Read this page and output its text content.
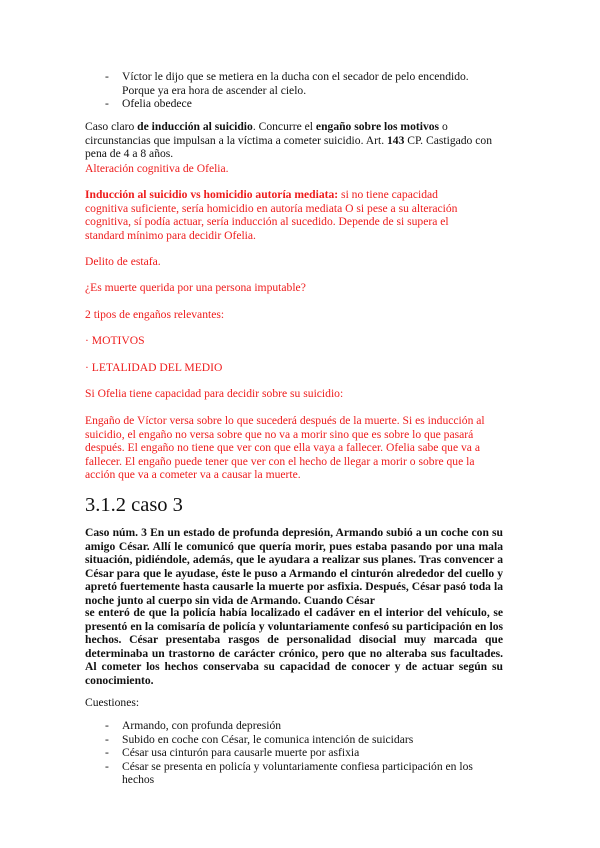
- Víctor le dijo que se metiera en la ducha con el secador de pelo encendido. Porque ya era hora de ascender al cielo.
- Ofelia obedece

Caso claro de inducción al suicidio. Concurre el engaño sobre los motivos o circunstancias que impulsan a la víctima a cometer suicidio. Art. 143 CP. Castigado con pena de 4 a 8 años.

Alteración cognitiva de Ofelia.

Inducción al suicidio vs homicidio autoría mediata: si no tiene capacidad cognitiva suficiente, sería homicidio en autoría mediata O si pese a su alteración cognitiva, sí podía actuar, sería inducción al sucedido. Depende de si supera el standard mínimo para decidir Ofelia.

Delito de estafa.

¿Es muerte querida por una persona imputable?

2 tipos de engaños relevantes:

· MOTIVOS

· LETALIDAD DEL MEDIO

Si Ofelia tiene capacidad para decidir sobre su suicidio:

Engaño de Víctor versa sobre lo que sucederá después de la muerte. Si es inducción al suicidio, el engaño no versa sobre que no va a morir sino que es sobre lo que pasará después. El engaño no tiene que ver con que ella vaya a fallecer. Ofelia sabe que va a fallecer. El engaño puede tener que ver con el hecho de llegar a morir o sobre que la acción que va a cometer va a causar la muerte.

3.1.2 caso 3

Caso núm. 3 En un estado de profunda depresión, Armando subió a un coche con su amigo César. Allí le comunicó que quería morir, pues estaba pasando por una mala situación, pidiéndole, además, que le ayudara a realizar sus planes. Tras convencer a César para que le ayudase, éste le puso a Armando el cinturón alrededor del cuello y apretó fuertemente hasta causarle la muerte por asfixia. Después, César pasó toda la noche junto al cuerpo sin vida de Armando. Cuando César

se enteró de que la policía había localizado el cadáver en el interior del vehículo, se presentó en la comisaría de policía y voluntariamente confesó su participación en los hechos. César presentaba rasgos de personalidad disocial muy marcada que determinaba un trastorno de carácter crónico, pero que no alteraba sus facultades. Al cometer los hechos conservaba su capacidad de conocer y de actuar según su conocimiento.

Cuestiones:

- Armando, con profunda depresión
- Subido en coche con César, le comunica intención de suicidars
- César usa cinturón para causarle muerte por asfixia
- César se presenta en policía y voluntariamente confiesa participación en los hechos
